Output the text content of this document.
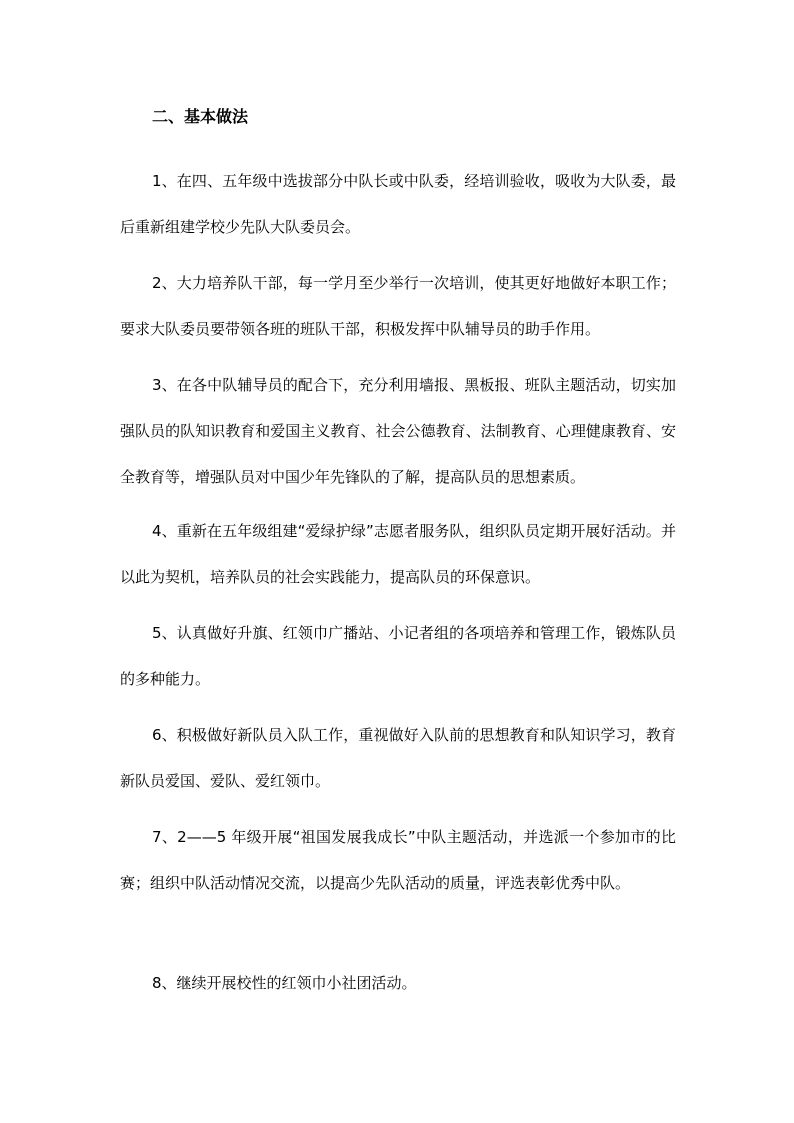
二、基本做法

1、在四、五年级中选拔部分中队长或中队委，经培训验收，吸收为大队委，最后重新组建学校少先队大队委员会。

2、大力培养队干部，每一学月至少举行一次培训，使其更好地做好本职工作；要求大队委员要带领各班的班队干部，积极发挥中队辅导员的助手作用。

3、在各中队辅导员的配合下，充分利用墙报、黑板报、班队主题活动，切实加强队员的队知识教育和爱国主义教育、社会公德教育、法制教育、心理健康教育、安全教育等，增强队员对中国少年先锋队的了解，提高队员的思想素质。

4、重新在五年级组建“爱绿护绿”志愿者服务队，组织队员定期开展好活动。并以此为契机，培养队员的社会实践能力，提高队员的环保意识。

5、认真做好升旗、红领巾广播站、小记者组的各项培养和管理工作，锻炼队员的多种能力。

6、积极做好新队员入队工作，重视做好入队前的思想教育和队知识学习，教育新队员爱国、爱队、爱红领巾。

7、2——5 年级开展“祖国发展我成长”中队主题活动，并选派一个参加市的比赛；组织中队活动情况交流，以提高少先队活动的质量，评选表彰优秀中队。

8、继续开展校性的红领巾小社团活动。
